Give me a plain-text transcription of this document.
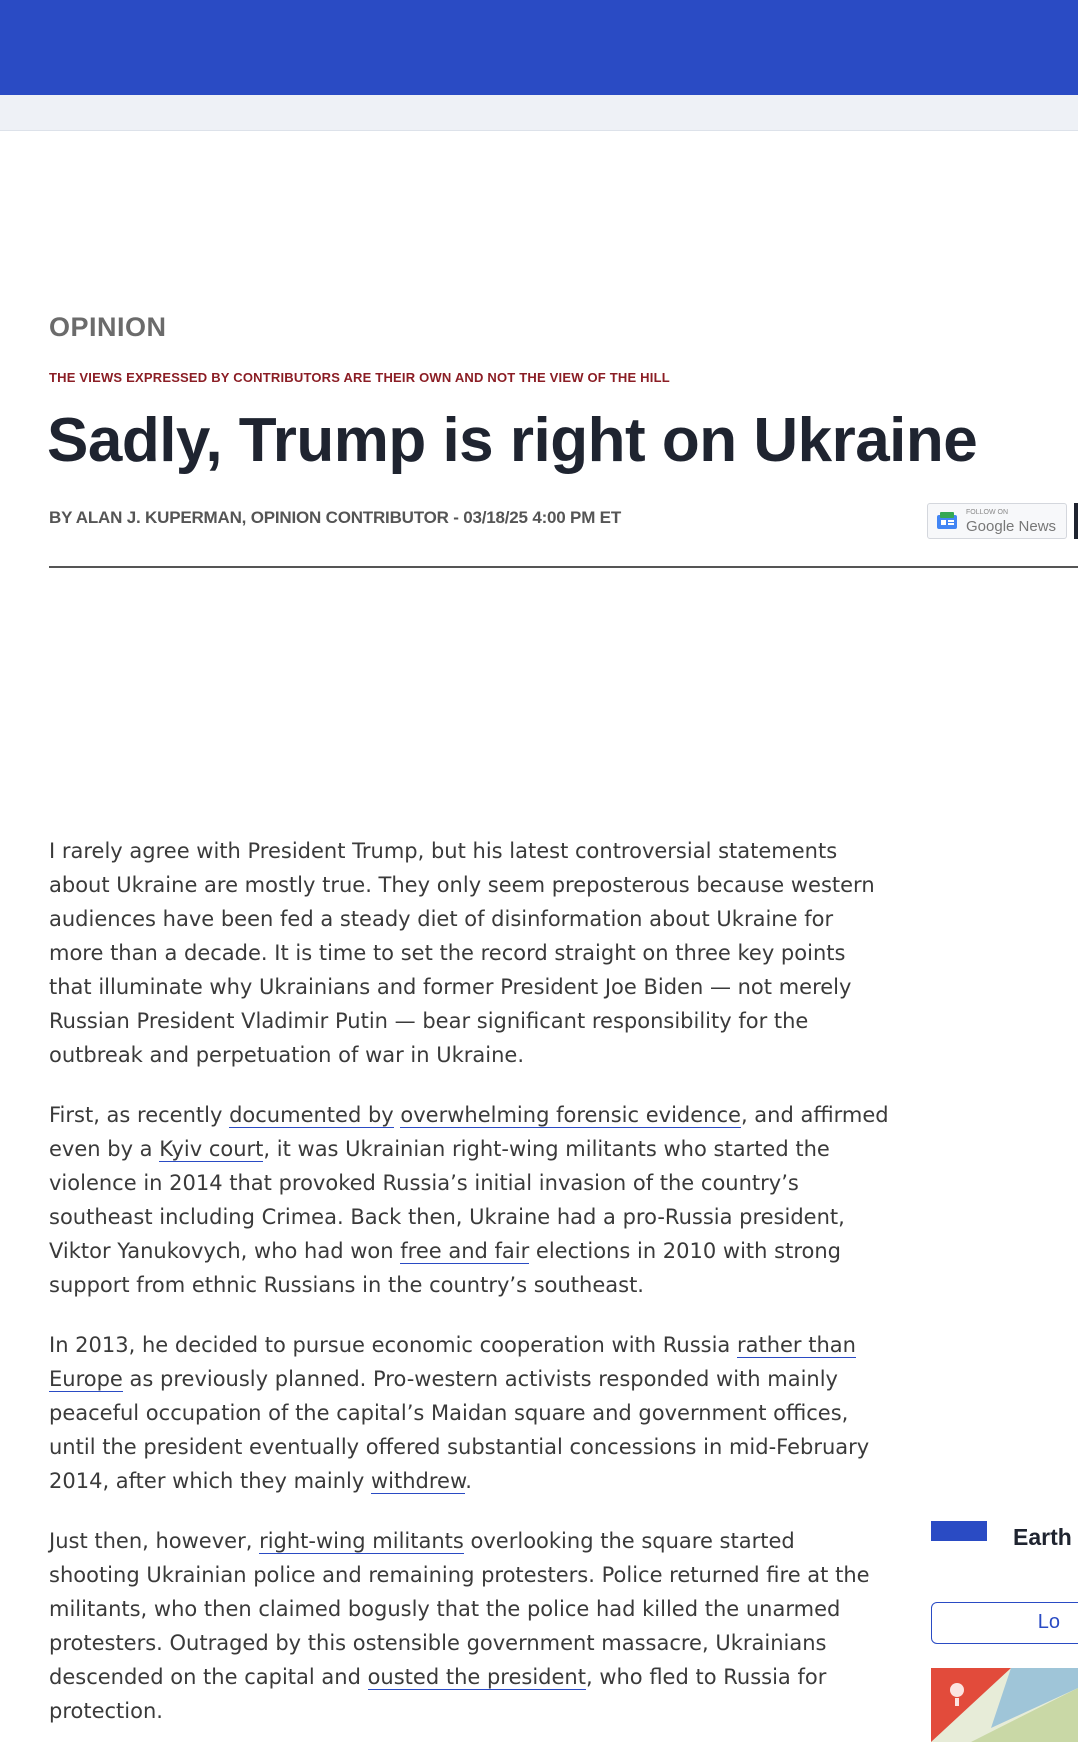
OPINION
THE VIEWS EXPRESSED BY CONTRIBUTORS ARE THEIR OWN AND NOT THE VIEW OF THE HILL
Sadly, Trump is right on Ukraine
BY ALAN J. KUPERMAN, OPINION CONTRIBUTOR - 03/18/25 4:00 PM ET	FOLLOW ON
Google News

I rarely agree with President Trump, but his latest controversial statements about Ukraine are mostly true. They only seem preposterous because western audiences have been fed a steady diet of disinformation about Ukraine for more than a decade. It is time to set the record straight on three key points that illuminate why Ukrainians and former President Joe Biden — not merely Russian President Vladimir Putin — bear significant responsibility for the outbreak and perpetuation of war in Ukraine.

First, as recently documented by overwhelming forensic evidence, and affirmed even by a Kyiv court, it was Ukrainian right-wing militants who started the violence in 2014 that provoked Russia’s initial invasion of the country’s southeast including Crimea. Back then, Ukraine had a pro-Russia president, Viktor Yanukovych, who had won free and fair elections in 2010 with strong support from ethnic Russians in the country’s southeast.

In 2013, he decided to pursue economic cooperation with Russia rather than Europe as previously planned. Pro-western activists responded with mainly peaceful occupation of the capital’s Maidan square and government offices, until the president eventually offered substantial concessions in mid-February 2014, after which they mainly withdrew.

Just then, however, right-wing militants overlooking the square started shooting Ukrainian police and remaining protesters. Police returned fire at the militants, who then claimed bogusly that the police had killed the unarmed protesters. Outraged by this ostensible government massacre, Ukrainians descended on the capital and ousted the president, who fled to Russia for protection.

Earth
Lo
